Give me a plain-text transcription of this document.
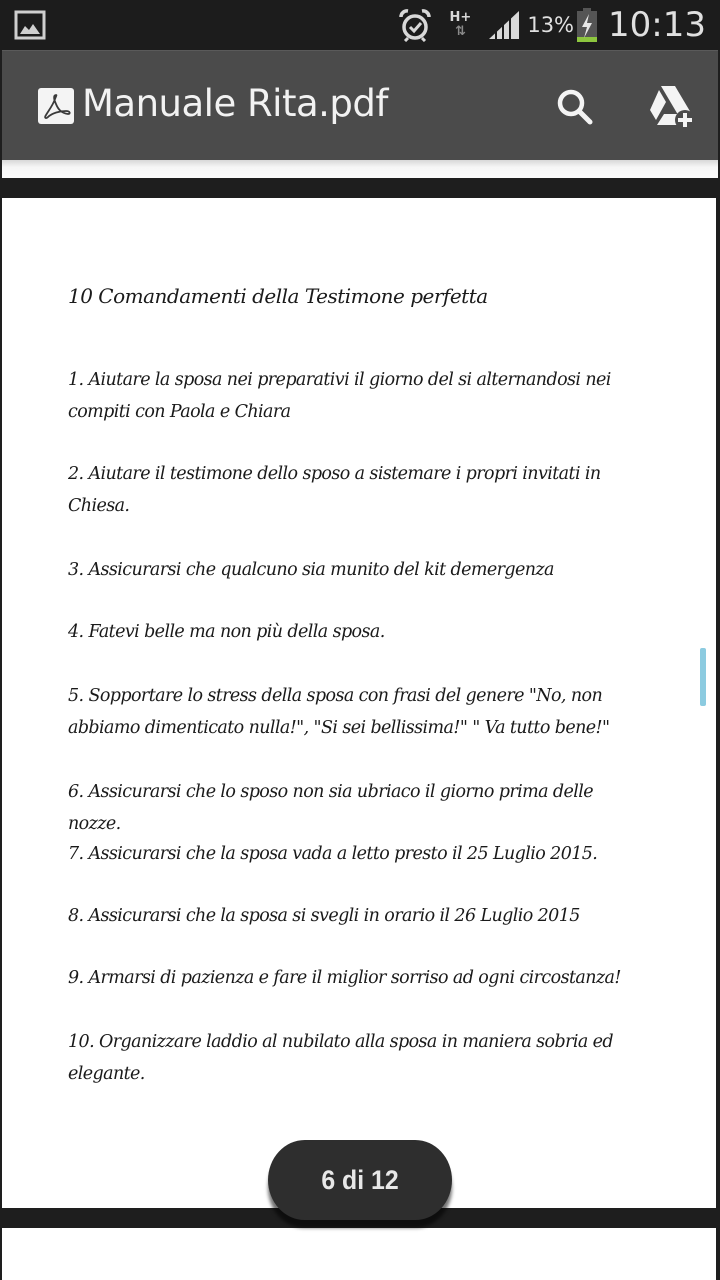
H+
⇅	13% 10:13
Manuale Rita.pdf
10 Comandamenti della Testimone perfetta
1. Aiutare la sposa nei preparativi il giorno del si alternandosi nei
compiti con Paola e Chiara
2. Aiutare il testimone dello sposo a sistemare i propri invitati in
Chiesa.
3. Assicurarsi che qualcuno sia munito del kit demergenza
4. Fatevi belle ma non più della sposa.
5. Sopportare lo stress della sposa con frasi del genere "No, non
abbiamo dimenticato nulla!", "Si sei bellissima!" " Va tutto bene!"
6. Assicurarsi che lo sposo non sia ubriaco il giorno prima delle nozze.
7. Assicurarsi che la sposa vada a letto presto il 25 Luglio 2015.
8. Assicurarsi che la sposa si svegli in orario il 26 Luglio 2015
9. Armarsi di pazienza e fare il miglior sorriso ad ogni circostanza!
10. Organizzare laddio al nubilato alla sposa in maniera sobria ed
elegante.
6 di 12
